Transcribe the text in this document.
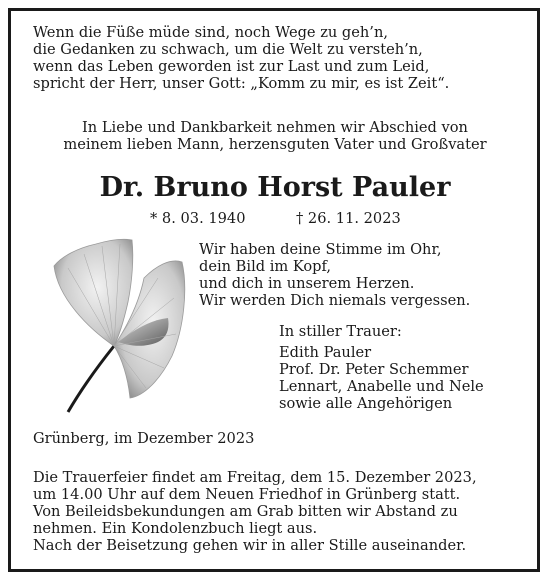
Wenn die Füße müde sind, noch Wege zu geh’n,
die Gedanken zu schwach, um die Welt zu versteh’n,
wenn das Leben geworden ist zur Last und zum Leid,
spricht der Herr, unser Gott: „Komm zu mir, es ist Zeit“.
In Liebe und Dankbarkeit nehmen wir Abschied von
meinem lieben Mann, herzensguten Vater und Großvater
Dr. Bruno Horst Pauler
* 8. 03. 1940	† 26. 11. 2023
Wir haben deine Stimme im Ohr,
dein Bild im Kopf,
und dich in unserem Herzen.
Wir werden Dich niemals vergessen.
In stiller Trauer:
Edith Pauler
Prof. Dr. Peter Schemmer
Lennart, Anabelle und Nele
sowie alle Angehörigen
Grünberg, im Dezember 2023
Die Trauerfeier findet am Freitag, dem 15. Dezember 2023,
um 14.00 Uhr auf dem Neuen Friedhof in Grünberg statt.
Von Beileidsbekundungen am Grab bitten wir Abstand zu
nehmen. Ein Kondolenzbuch liegt aus.
Nach der Beisetzung gehen wir in aller Stille auseinander.
